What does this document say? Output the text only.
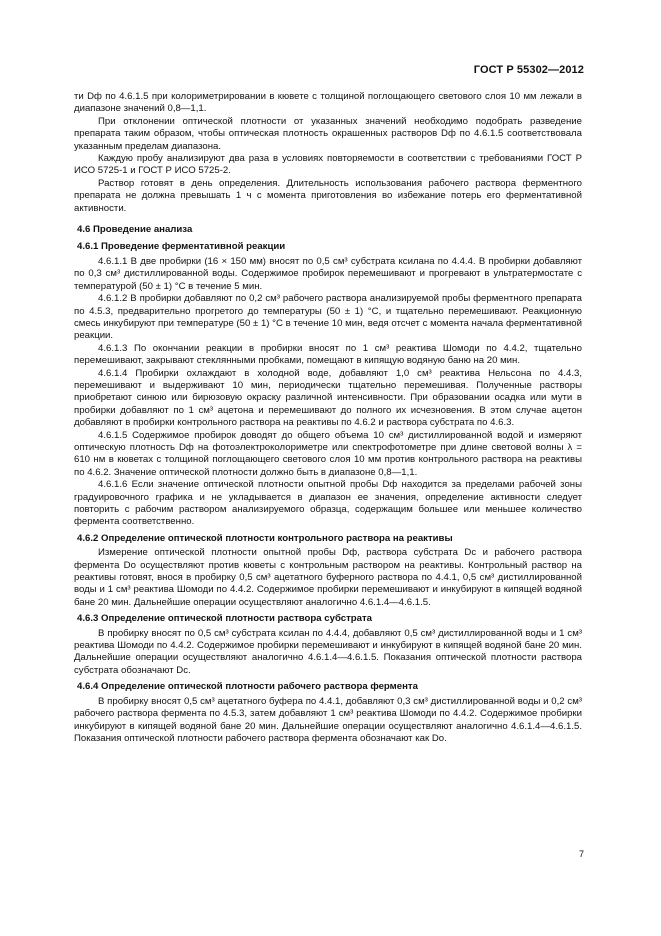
ГОСТ Р 55302—2012

ти Dф по 4.6.1.5 при колориметрировании в кювете с толщиной поглощающего светового слоя 10 мм лежали в диапазоне значений 0,8—1,1.

При отклонении оптической плотности от указанных значений необходимо подобрать разведение препарата таким образом, чтобы оптическая плотность окрашенных растворов Dф по 4.6.1.5 соответствовала указанным пределам диапазона.

Каждую пробу анализируют два раза в условиях повторяемости в соответствии с требованиями ГОСТ Р ИСО 5725-1 и ГОСТ Р ИСО 5725-2.

Раствор готовят в день определения. Длительность использования рабочего раствора ферментного препарата не должна превышать 1 ч с момента приготовления во избежание потерь его ферментативной активности.

4.6 Проведение анализа

4.6.1 Проведение ферментативной реакции

4.6.1.1 В две пробирки (16 × 150 мм) вносят по 0,5 см³ субстрата ксилана по 4.4.4. В пробирки добавляют по 0,3 см³ дистиллированной воды. Содержимое пробирок перемешивают и прогревают в ультратермостате с температурой (50 ± 1) °С в течение 5 мин.

4.6.1.2 В пробирки добавляют по 0,2 см³ рабочего раствора анализируемой пробы ферментного препарата по 4.5.3, предварительно прогретого до температуры (50 ± 1) °С, и тщательно перемешивают. Реакционную смесь инкубируют при температуре (50 ± 1) °С в течение 10 мин, ведя отсчет с момента начала ферментативной реакции.

4.6.1.3 По окончании реакции в пробирки вносят по 1 см³ реактива Шомоди по 4.4.2, тщательно перемешивают, закрывают стеклянными пробками, помещают в кипящую водяную баню на 20 мин.

4.6.1.4 Пробирки охлаждают в холодной воде, добавляют 1,0 см³ реактива Нельсона по 4.4.3, перемешивают и выдерживают 10 мин, периодически тщательно перемешивая. Полученные растворы приобретают синюю или бирюзовую окраску различной интенсивности. При образовании осадка или мути в пробирки добавляют по 1 см³ ацетона и перемешивают до полного их исчезновения. В этом случае ацетон добавляют в пробирки контрольного раствора на реактивы по 4.6.2 и раствора субстрата по 4.6.3.

4.6.1.5 Содержимое пробирок доводят до общего объема 10 см³ дистиллированной водой и измеряют оптическую плотность Dф на фотоэлектроколориметре или спектрофотометре при длине световой волны λ = 610 нм в кюветах с толщиной поглощающего светового слоя 10 мм против контрольного раствора на реактивы по 4.6.2. Значение оптической плотности должно быть в диапазоне 0,8—1,1.

4.6.1.6 Если значение оптической плотности опытной пробы Dф находится за пределами рабочей зоны градуировочного графика и не укладывается в диапазон ее значения, определение активности следует повторить с рабочим раствором анализируемого образца, содержащим большее или меньшее количество фермента соответственно.

4.6.2 Определение оптической плотности контрольного раствора на реактивы

Измерение оптической плотности опытной пробы Dф, раствора субстрата Dс и рабочего раствора фермента Dо осуществляют против кюветы с контрольным раствором на реактивы. Контрольный раствор на реактивы готовят, внося в пробирку 0,5 см³ ацетатного буферного раствора по 4.4.1, 0,5 см³ дистиллированной воды и 1 см³ реактива Шомоди по 4.4.2. Содержимое пробирки перемешивают и инкубируют в кипящей водяной бане 20 мин. Дальнейшие операции осуществляют аналогично 4.6.1.4—4.6.1.5.

4.6.3 Определение оптической плотности раствора субстрата

В пробирку вносят по 0,5 см³ субстрата ксилан по 4.4.4, добавляют 0,5 см³ дистиллированной воды и 1 см³ реактива Шомоди по 4.4.2. Содержимое пробирки перемешивают и инкубируют в кипящей водяной бане 20 мин. Дальнейшие операции осуществляют аналогично 4.6.1.4—4.6.1.5. Показания оптической плотности раствора субстрата обозначают Dс.

4.6.4 Определение оптической плотности рабочего раствора фермента

В пробирку вносят 0,5 см³ ацетатного буфера по 4.4.1, добавляют 0,3 см³ дистиллированной воды и 0,2 см³ рабочего раствора фермента по 4.5.3, затем добавляют 1 см³ реактива Шомоди по 4.4.2. Содержимое пробирки инкубируют в кипящей водяной бане 20 мин. Дальнейшие операции осуществляют аналогично 4.6.1.4—4.6.1.5. Показания оптической плотности рабочего раствора фермента обозначают как Dо.

7
